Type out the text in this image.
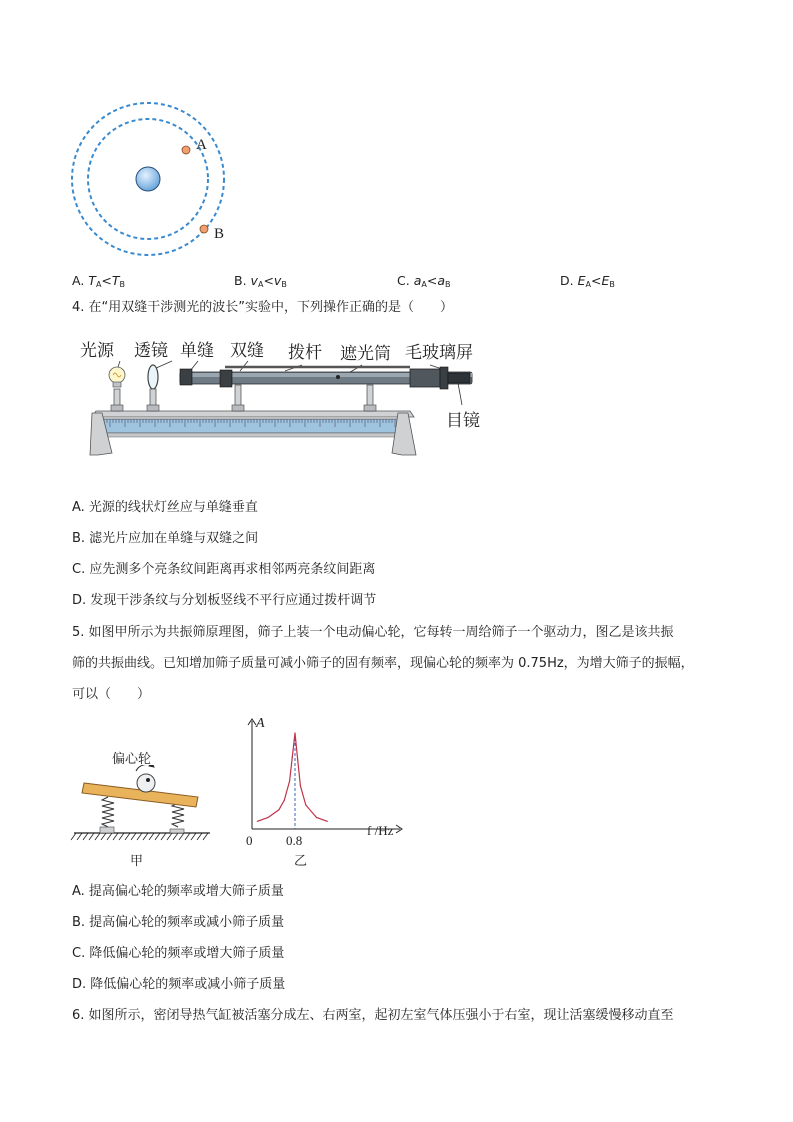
A
B
A. $T_A<T_B$	B. $v_A<v_B$	C. $a_A<a_B$	D. $E_A<E_B$
4. 在“用双缝干涉测光的波长”实验中，下列操作正确的是（　　）
光源 透镜 单缝 双缝 拨杆 遮光筒 毛玻璃屏
目镜
A. 光源的线状灯丝应与单缝垂直
B. 滤光片应加在单缝与双缝之间
C. 应先测多个亮条纹间距离再求相邻两亮条纹间距离
D. 发现干涉条纹与分划板竖线不平行应通过拨杆调节
5. 如图甲所示为共振筛原理图，筛子上装一个电动偏心轮，它每转一周给筛子一个驱动力，图乙是该共振
筛的共振曲线。已知增加筛子质量可减小筛子的固有频率，现偏心轮的频率为 0.75Hz，为增大筛子的振幅，
可以（　　）
偏心轮
甲
A
f /Hz
0	0.8
乙
A. 提高偏心轮的频率或增大筛子质量
B. 提高偏心轮的频率或减小筛子质量
C. 降低偏心轮的频率或增大筛子质量
D. 降低偏心轮的频率或减小筛子质量
6. 如图所示，密闭导热气缸被活塞分成左、右两室，起初左室气体压强小于右室，现让活塞缓慢移动直至
